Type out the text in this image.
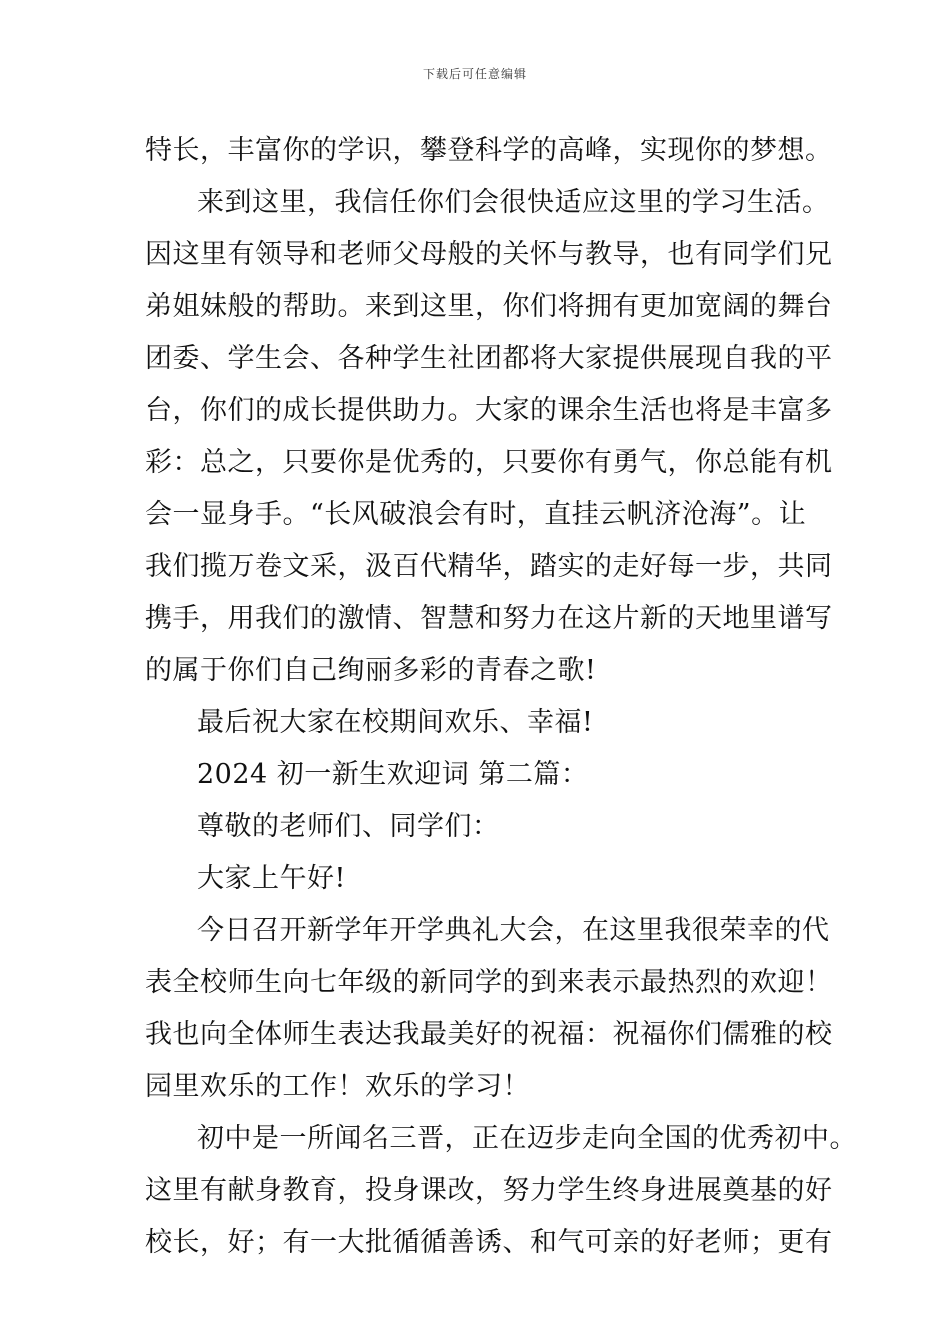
下载后可任意编辑
特长，丰富你的学识，攀登科学的高峰，实现你的梦想。
来到这里，我信任你们会很快适应这里的学习生活。
因这里有领导和老师父母般的关怀与教导，也有同学们兄
弟姐妹般的帮助。来到这里，你们将拥有更加宽阔的舞台
团委、学生会、各种学生社团都将大家提供展现自我的平
台，你们的成长提供助力。大家的课余生活也将是丰富多
彩：总之，只要你是优秀的，只要你有勇气，你总能有机
会一显身手。“长风破浪会有时，直挂云帆济沧海”。让
我们揽万卷文采，汲百代精华，踏实的走好每一步，共同
携手，用我们的激情、智慧和努力在这片新的天地里谱写
的属于你们自己绚丽多彩的青春之歌!
最后祝大家在校期间欢乐、幸福!
2024 初一新生欢迎词 第二篇：
尊敬的老师们、同学们：
大家上午好!
今日召开新学年开学典礼大会，在这里我很荣幸的代
表全校师生向七年级的新同学的到来表示最热烈的欢迎！
我也向全体师生表达我最美好的祝福：祝福你们儒雅的校
园里欢乐的工作！欢乐的学习！
初中是一所闻名三晋，正在迈步走向全国的优秀初中。
这里有献身教育，投身课改，努力学生终身进展奠基的好
校长，好；有一大批循循善诱、和气可亲的好老师；更有
